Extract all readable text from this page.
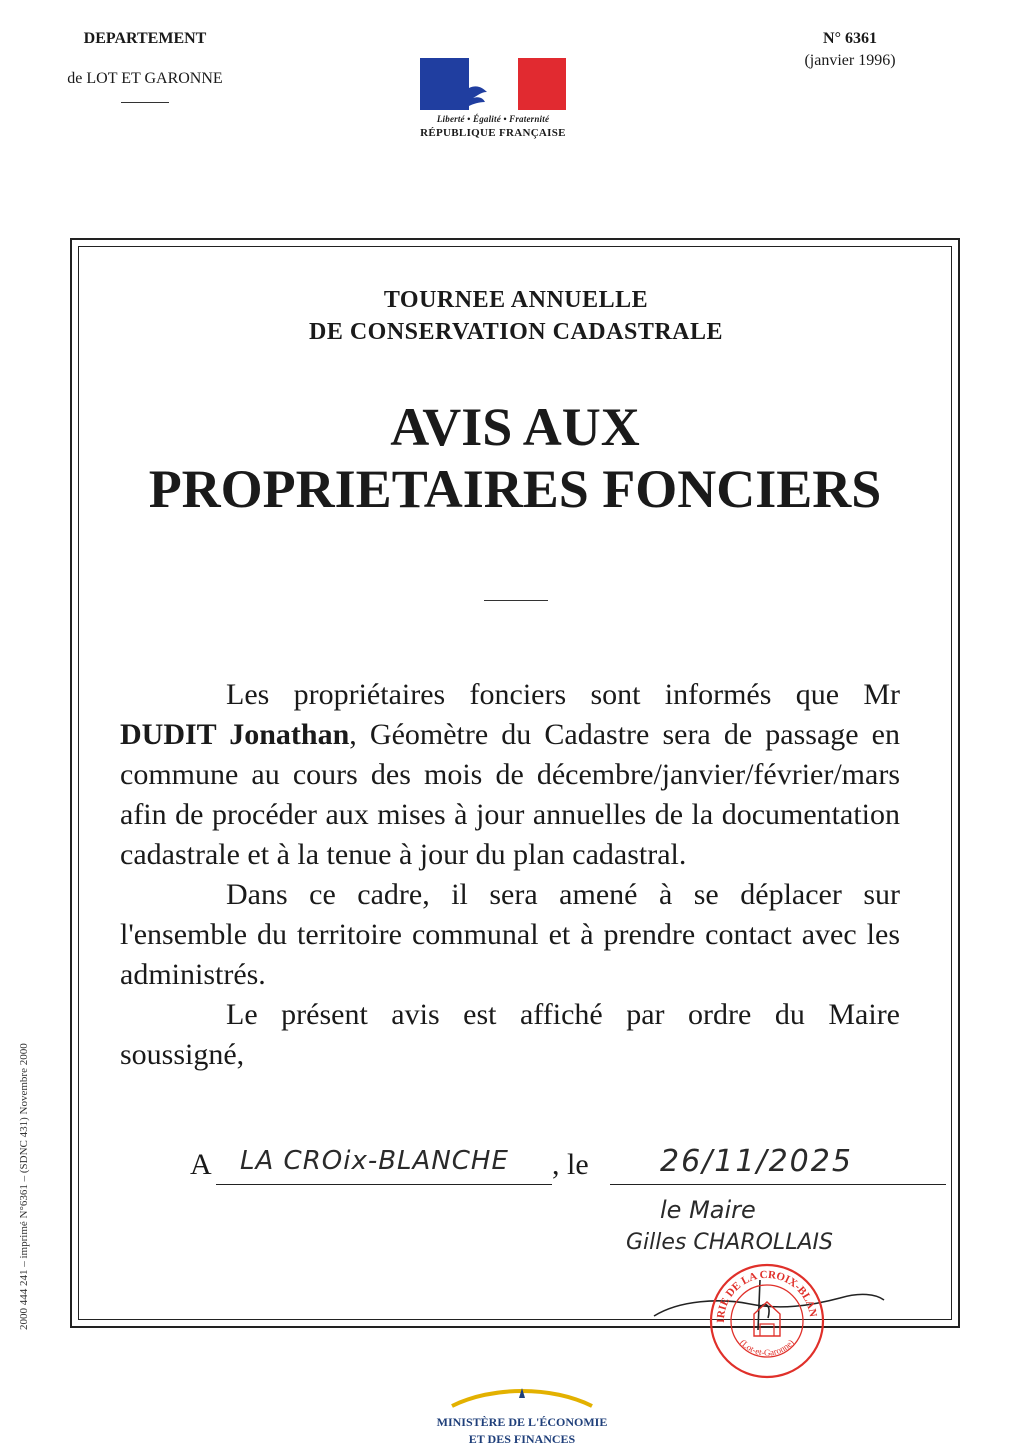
DEPARTEMENT
de LOT ET GARONNE
N° 6361
(janvier 1996)
Liberté • Égalité • Fraternité
RÉPUBLIQUE FRANÇAISE
TOURNEE ANNUELLE
DE CONSERVATION CADASTRALE
AVIS AUX
PROPRIETAIRES FONCIERS

Les propriétaires fonciers sont informés que Mr DUDIT Jonathan, Géomètre du Cadastre sera de passage en commune au cours des mois de décembre/janvier/février/mars afin de procéder aux mises à jour annuelles de la documentation cadastrale et à la tenue à jour du plan cadastral.

Dans ce cadre, il sera amené à se déplacer sur l'ensemble du territoire communal et à prendre contact avec les administrés.

Le présent avis est affiché par ordre du Maire soussigné,

A LA CROix-BLANCHE , le 26/11/2025
le Maire
Gilles CHAROLLAIS
IRIE DE LA CROIX-BLAN
(Lot-et-Garonne)
MINISTÈRE DE L'ÉCONOMIE
ET DES FINANCES
2000 444 241 – imprimé N°6361 – (SDNC 431) Novembre 2000
